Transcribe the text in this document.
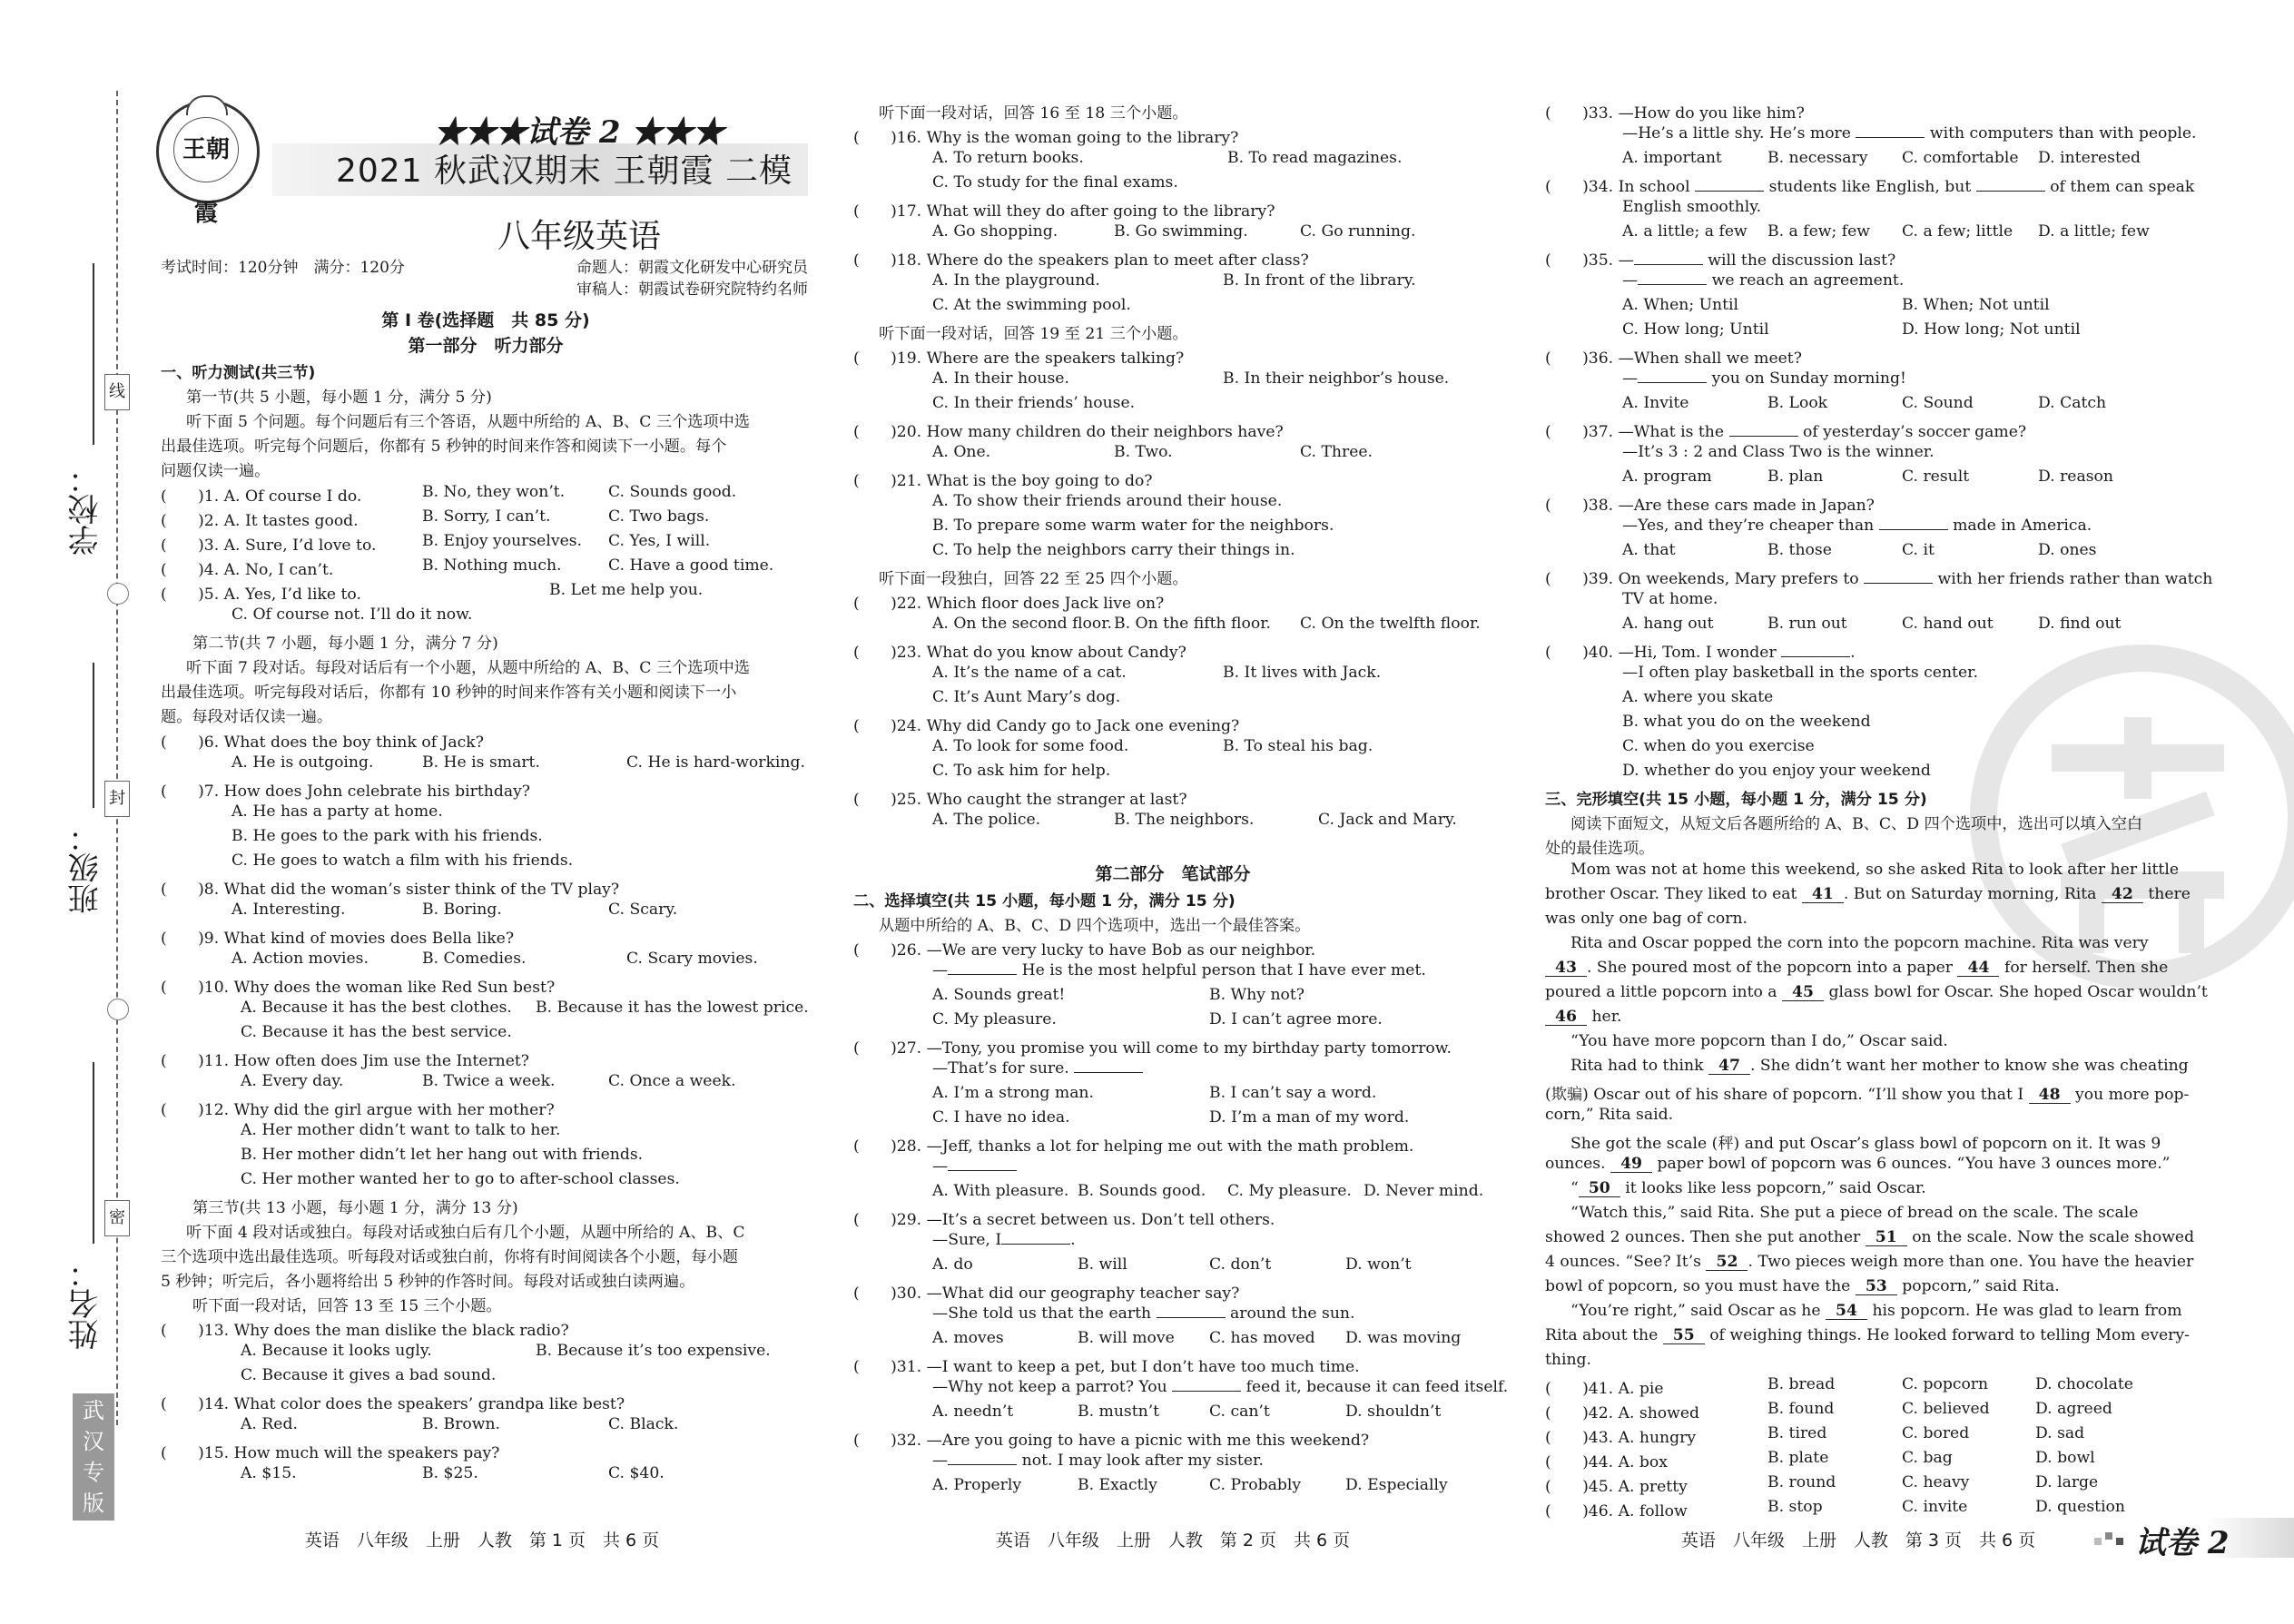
线
封
密
学校：
班级：
姓名：
武汉专版
王朝霞
★★★试卷 2 ★★★
2021 秋武汉期末 王朝霞 二模
八年级英语
考试时间：120分钟　满分：120分	命题人：朝霞文化研发中心研究员
审稿人：朝霞试卷研究院特约名师
第 Ⅰ 卷(选择题　共 85 分)
第一部分　听力部分
一、听力测试(共三节)
第一节(共 5 小题，每小题 1 分，满分 5 分)
听下面 5 个问题。每个问题后有三个答语，从题中所给的 A、B、C 三个选项中选
出最佳选项。听完每个问题后，你都有 5 秒钟的时间来作答和阅读下一小题。每个
问题仅读一遍。
(　　)1. A. Of course I do.	B. No, they won’t.	C. Sounds good.
(　　)2. A. It tastes good.	B. Sorry, I can’t.	C. Two bags.
(　　)3. A. Sure, I’d love to.	B. Enjoy yourselves. C. Yes, I will.
(　　)4. A. No, I can’t.	B. Nothing much.	C. Have a good time.
(　　)5. A. Yes, I’d like to.	B. Let me help you.
C. Of course not. I’ll do it now.
第二节(共 7 小题，每小题 1 分，满分 7 分)
听下面 7 段对话。每段对话后有一个小题，从题中所给的 A、B、C 三个选项中选
出最佳选项。听完每段对话后，你都有 10 秒钟的时间来作答有关小题和阅读下一小
题。每段对话仅读一遍。
(　　)6. What does the boy think of Jack?
A. He is outgoing.	B. He is smart.	C. He is hard-working.
(　　)7. How does John celebrate his birthday?
A. He has a party at home.
B. He goes to the park with his friends.
C. He goes to watch a film with his friends.
(　　)8. What did the woman’s sister think of the TV play?
A. Interesting.	B. Boring.	C. Scary.
(　　)9. What kind of movies does Bella like?
A. Action movies.	B. Comedies.	C. Scary movies.
(　　)10. Why does the woman like Red Sun best?
A. Because it has the best clothes. B. Because it has the lowest price.
C. Because it has the best service.
(　　)11. How often does Jim use the Internet?
A. Every day.	B. Twice a week.	C. Once a week.
(　　)12. Why did the girl argue with her mother?
A. Her mother didn’t want to talk to her.
B. Her mother didn’t let her hang out with friends.
C. Her mother wanted her to go to after-school classes.
第三节(共 13 小题，每小题 1 分，满分 13 分)
听下面 4 段对话或独白。每段对话或独白后有几个小题，从题中所给的 A、B、C
三个选项中选出最佳选项。听每段对话或独白前，你将有时间阅读各个小题，每小题
5 秒钟；听完后，各小题将给出 5 秒钟的作答时间。每段对话或独白读两遍。
听下面一段对话，回答 13 至 15 三个小题。
(　　)13. Why does the man dislike the black radio?
A. Because it looks ugly.	B. Because it’s too expensive.
C. Because it gives a bad sound.
(　　)14. What color does the speakers’ grandpa like best?
A. Red.	B. Brown.	C. Black.
(　　)15. How much will the speakers pay?
A. $15.	B. $25.	C. $40.
英语　八年级　上册　人教　第 1 页　共 6 页
听下面一段对话，回答 16 至 18 三个小题。
(　　)16. Why is the woman going to the library?
A. To return books.	B. To read magazines.
C. To study for the final exams.
(　　)17. What will they do after going to the library?
A. Go shopping.	B. Go swimming.	C. Go running.
(　　)18. Where do the speakers plan to meet after class?
A. In the playground.	B. In front of the library.
C. At the swimming pool.
听下面一段对话，回答 19 至 21 三个小题。
(　　)19. Where are the speakers talking?
A. In their house.	B. In their neighbor’s house.
C. In their friends’ house.
(　　)20. How many children do their neighbors have?
A. One.	B. Two.	C. Three.
(　　)21. What is the boy going to do?
A. To show their friends around their house.
B. To prepare some warm water for the neighbors.
C. To help the neighbors carry their things in.
听下面一段独白，回答 22 至 25 四个小题。
(　　)22. Which floor does Jack live on?
A. On the second floor. B. On the fifth floor. C. On the twelfth floor.
(　　)23. What do you know about Candy?
A. It’s the name of a cat.	B. It lives with Jack.
C. It’s Aunt Mary’s dog.
(　　)24. Why did Candy go to Jack one evening?
A. To look for some food.	B. To steal his bag.
C. To ask him for help.
(　　)25. Who caught the stranger at last?
A. The police.	B. The neighbors.	C. Jack and Mary.
第二部分　笔试部分
二、选择填空(共 15 小题，每小题 1 分，满分 15 分)
从题中所给的 A、B、C、D 四个选项中，选出一个最佳答案。
(　　)26. —We are very lucky to have Bob as our neighbor.
—	He is the most helpful person that I have ever met.
A. Sounds great!	B. Why not?
C. My pleasure.	D. I can’t agree more.
(　　)27. —Tony, you promise you will come to my birthday party tomorrow.
—That’s for sure.
A. I’m a strong man.	B. I can’t say a word.
C. I have no idea.	D. I’m a man of my word.
(　　)28. —Jeff, thanks a lot for helping me out with the math problem.
—
A. With pleasure. B. Sounds good. C. My pleasure. D. Never mind.
(　　)29. —It’s a secret between us. Don’t tell others.
—Sure, I	.
A. do	B. will	C. don’t	D. won’t
(　　)30. —What did our geography teacher say?
—She told us that the earth	around the sun.
A. moves	B. will move C. has moved D. was moving
(　　)31. —I want to keep a pet, but I don’t have too much time.
—Why not keep a parrot? You	feed it, because it can feed itself.
A. needn’t	B. mustn’t	C. can’t	D. shouldn’t
(　　)32. —Are you going to have a picnic with me this weekend?
—	not. I may look after my sister.
A. Properly	B. Exactly	C. Probably	D. Especially
英语　八年级　上册　人教　第 2 页　共 6 页
(　　)33. —How do you like him?
—He’s a little shy. He’s more	with computers than with people.
A. important	B. necessary C. comfortable D. interested
(　　)34. In school	students like English, but	of them can speak
English smoothly.
A. a little; a few B. a few; few C. a few; little D. a little; few
(　　)35. —	will the discussion last?
—	we reach an agreement.
A. When; Until	B. When; Not until
C. How long; Until	D. How long; Not until
(　　)36. —When shall we meet?
—	you on Sunday morning!
A. Invite	B. Look	C. Sound	D. Catch
(　　)37. —What is the	of yesterday’s soccer game?
—It’s 3 : 2 and Class Two is the winner.
A. program	B. plan	C. result	D. reason
(　　)38. —Are these cars made in Japan?
—Yes, and they’re cheaper than	made in America.
A. that	B. those	C. it	D. ones
(　　)39. On weekends, Mary prefers to	with her friends rather than watch
TV at home.
A. hang out	B. run out	C. hand out	D. find out
(　　)40. —Hi, Tom. I wonder	.
—I often play basketball in the sports center.
A. where you skate
B. what you do on the weekend
C. when do you exercise
D. whether do you enjoy your weekend
三、完形填空(共 15 小题，每小题 1 分，满分 15 分)
阅读下面短文，从短文后各题所给的 A、B、C、D 四个选项中，选出可以填入空白
处的最佳选项。
Mom was not at home this weekend, so she asked Rita to look after her little
brother Oscar. They liked to eat 41 . But on Saturday morning, Rita 42 there
was only one bag of corn.
Rita and Oscar popped the corn into the popcorn machine. Rita was very
43 . She poured most of the popcorn into a paper 44 for herself. Then she
poured a little popcorn into a 45 glass bowl for Oscar. She hoped Oscar wouldn’t
46 her.
“You have more popcorn than I do,” Oscar said.
Rita had to think 47 . She didn’t want her mother to know she was cheating
(欺骗) Oscar out of his share of popcorn. “I’ll show you that I 48 you more pop-
corn,” Rita said.
She got the scale (秤) and put Oscar’s glass bowl of popcorn on it. It was 9
ounces. 49 paper bowl of popcorn was 6 ounces. “You have 3 ounces more.”
“ 50 it looks like less popcorn,” said Oscar.
“Watch this,” said Rita. She put a piece of bread on the scale. The scale
showed 2 ounces. Then she put another 51 on the scale. Now the scale showed
4 ounces. “See? It’s 52 . Two pieces weigh more than one. You have the heavier
bowl of popcorn, so you must have the 53 popcorn,” said Rita.
“You’re right,” said Oscar as he 54 his popcorn. He was glad to learn from
Rita about the 55 of weighing things. He looked forward to telling Mom every-
thing.
(　　)41. A. pie	B. bread	C. popcorn	D. chocolate
(　　)42. A. showed	B. found	C. believed	D. agreed
(　　)43. A. hungry	B. tired	C. bored	D. sad
(　　)44. A. box	B. plate	C. bag	D. bowl
(　　)45. A. pretty	B. round	C. heavy	D. large
(　　)46. A. follow	B. stop	C. invite	D. question
英语　八年级　上册　人教　第 3 页　共 6 页	试卷 2
